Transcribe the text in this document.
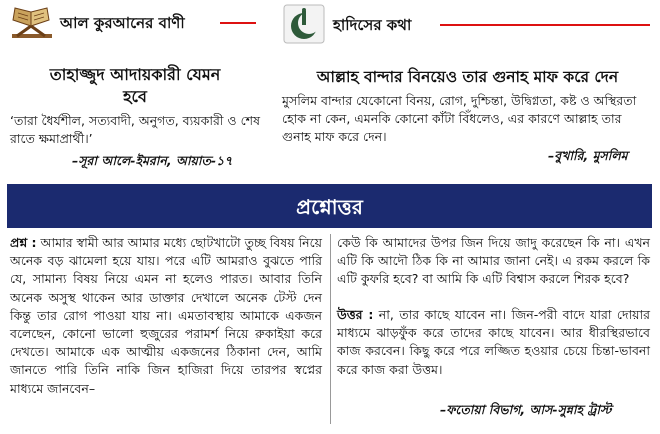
আল কুরআনের বাণী	হাদিসের কথা
তাহাজ্জুদ আদায়কারী যেমন হবে
‘তারা ধৈর্যশীল, সত্যবাদী, অনুগত, ব্যয়কারী ও শেষ রাতে ক্ষমাপ্রার্থী।’
–সূরা আলে-ইমরান, আয়াত-১৭
আল্লাহ বান্দার বিনয়েও তার গুনাহ মাফ করে দেন
মুসলিম বান্দার যেকোনো বিনয়, রোগ, দুশ্চিন্তা, উদ্বিগ্নতা, কষ্ট ও অস্থিরতা হোক না কেন, এমনকি কোনো কাঁটা বিঁধলেও, এর কারণে আল্লাহ তার গুনাহ মাফ করে দেন।
–বুখারি, মুসলিম
প্রশ্নোত্তর
প্রশ্ন : আমার স্বামী আর আমার মধ্যে ছোটখাটো তুচ্ছ বিষয় নিয়ে অনেক বড় ঝামেলা হয়ে যায়। পরে এটি আমরাও বুঝতে পারি যে, সামান্য বিষয় নিয়ে এমন না হলেও পারত। আবার তিনি অনেক অসুস্থ থাকেন আর ডাক্তার দেখালে অনেক টেস্ট দেন কিন্তু তার রোগ পাওয়া যায় না। এমতাবস্থায় আমাকে একজন বলেছেন, কোনো ভালো হুজুরের পরামর্শ নিয়ে রুকাইয়া করে দেখতে। আমাকে এক আত্মীয় একজনের ঠিকানা দেন, আমি জানতে পারি তিনি নাকি জিন হাজিরা দিয়ে তারপর স্বপ্নের মাধ্যমে জানবেন–
কেউ কি আমাদের উপর জিন দিয়ে জাদু করেছেন কি না। এখন এটি কি আদৌ ঠিক কি না আমার জানা নেই। এ রকম করলে কি এটি কুফরি হবে? বা আমি কি এটি বিশ্বাস করলে শিরক হবে?
উত্তর : না, তার কাছে যাবেন না। জিন-পরী বাদে যারা দোয়ার মাধ্যমে ঝাড়ফুঁক করে তাদের কাছে যাবেন। আর ধীরস্থিরভাবে কাজ করবেন। কিছু করে পরে লজ্জিত হওয়ার চেয়ে চিন্তা-ভাবনা করে কাজ করা উত্তম।
–ফতোয়া বিভাগ, আস-সুন্নাহ ট্রাস্ট
